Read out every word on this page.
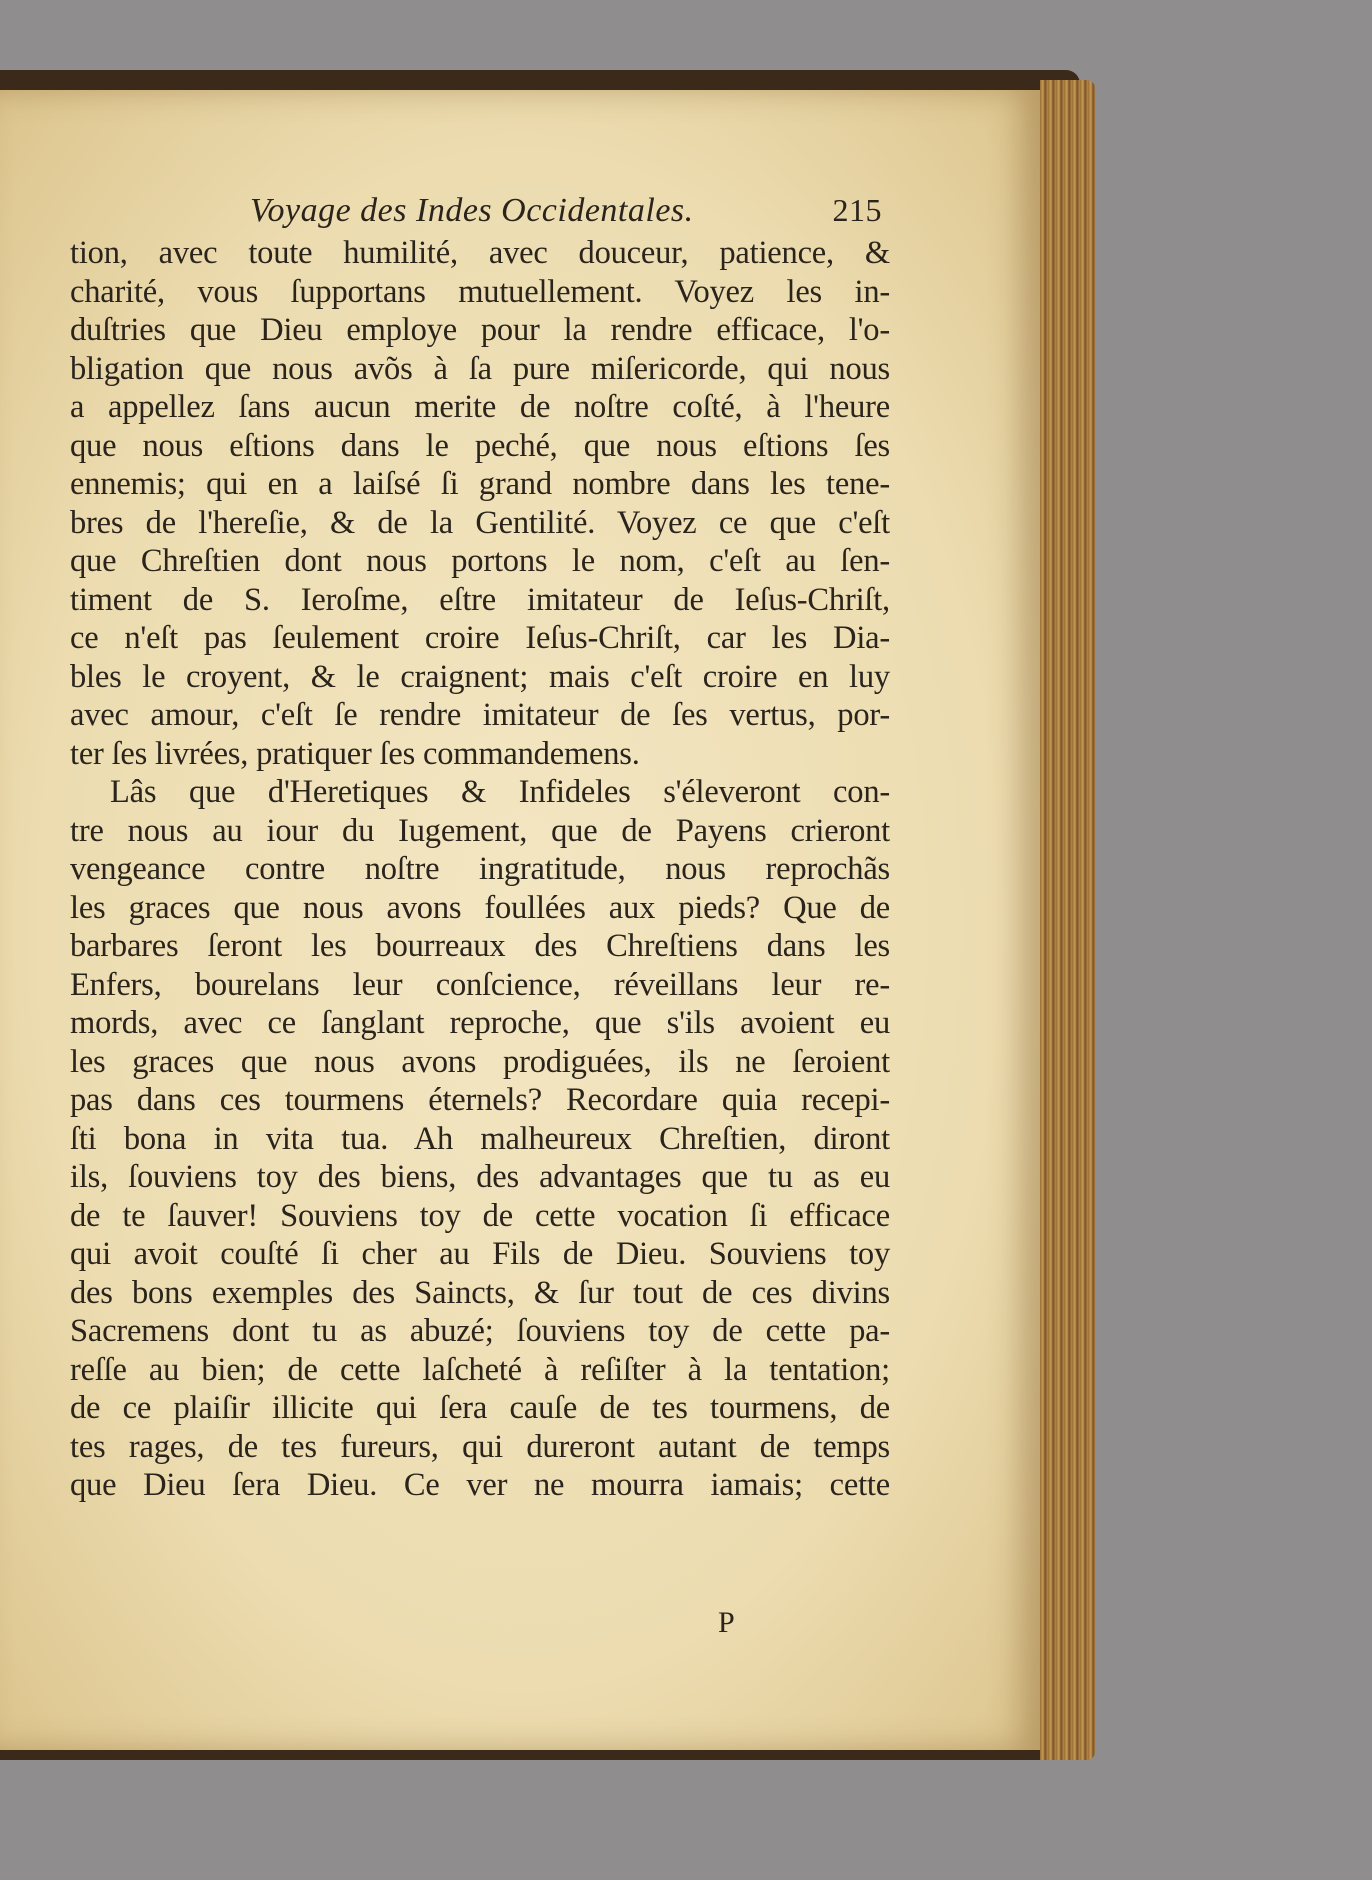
Voyage des Indes Occidentales.	215
tion, avec toute humilité, avec douceur, patience, &
charité, vous ſupportans mutuellement. Voyez les in-
duſtries que Dieu employe pour la rendre efficace, l'o-
bligation que nous avõs à ſa pure miſericorde, qui nous
a appellez ſans aucun merite de noſtre coſté, à l'heure
que nous eſtions dans le peché, que nous eſtions ſes
ennemis; qui en a laiſsé ſi grand nombre dans les tene-
bres de l'hereſie, & de la Gentilité. Voyez ce que c'eſt
que Chreſtien dont nous portons le nom, c'eſt au ſen-
timent de S. Ieroſme, eſtre imitateur de Ieſus-Chriſt,
ce n'eſt pas ſeulement croire Ieſus-Chriſt, car les Dia-
bles le croyent, & le craignent; mais c'eſt croire en luy
avec amour, c'eſt ſe rendre imitateur de ſes vertus, por-
ter ſes livrées, pratiquer ſes commandemens.
Lâs que d'Heretiques & Infideles s'éleveront con-
tre nous au iour du Iugement, que de Payens crieront
vengeance contre noſtre ingratitude, nous reprochãs
les graces que nous avons foullées aux pieds? Que de
barbares ſeront les bourreaux des Chreſtiens dans les
Enfers, bourelans leur conſcience, réveillans leur re-
mords, avec ce ſanglant reproche, que s'ils avoient eu
les graces que nous avons prodiguées, ils ne ſeroient
pas dans ces tourmens éternels? Recordare quia recepi-
ſti bona in vita tua. Ah malheureux Chreſtien, diront
ils, ſouviens toy des biens, des advantages que tu as eu
de te ſauver! Souviens toy de cette vocation ſi efficace
qui avoit couſté ſi cher au Fils de Dieu. Souviens toy
des bons exemples des Saincts, & ſur tout de ces divins
Sacremens dont tu as abuzé; ſouviens toy de cette pa-
reſſe au bien; de cette laſcheté à reſiſter à la tentation;
de ce plaiſir illicite qui ſera cauſe de tes tourmens, de
tes rages, de tes fureurs, qui dureront autant de temps
que Dieu ſera Dieu. Ce ver ne mourra iamais; cette
P
